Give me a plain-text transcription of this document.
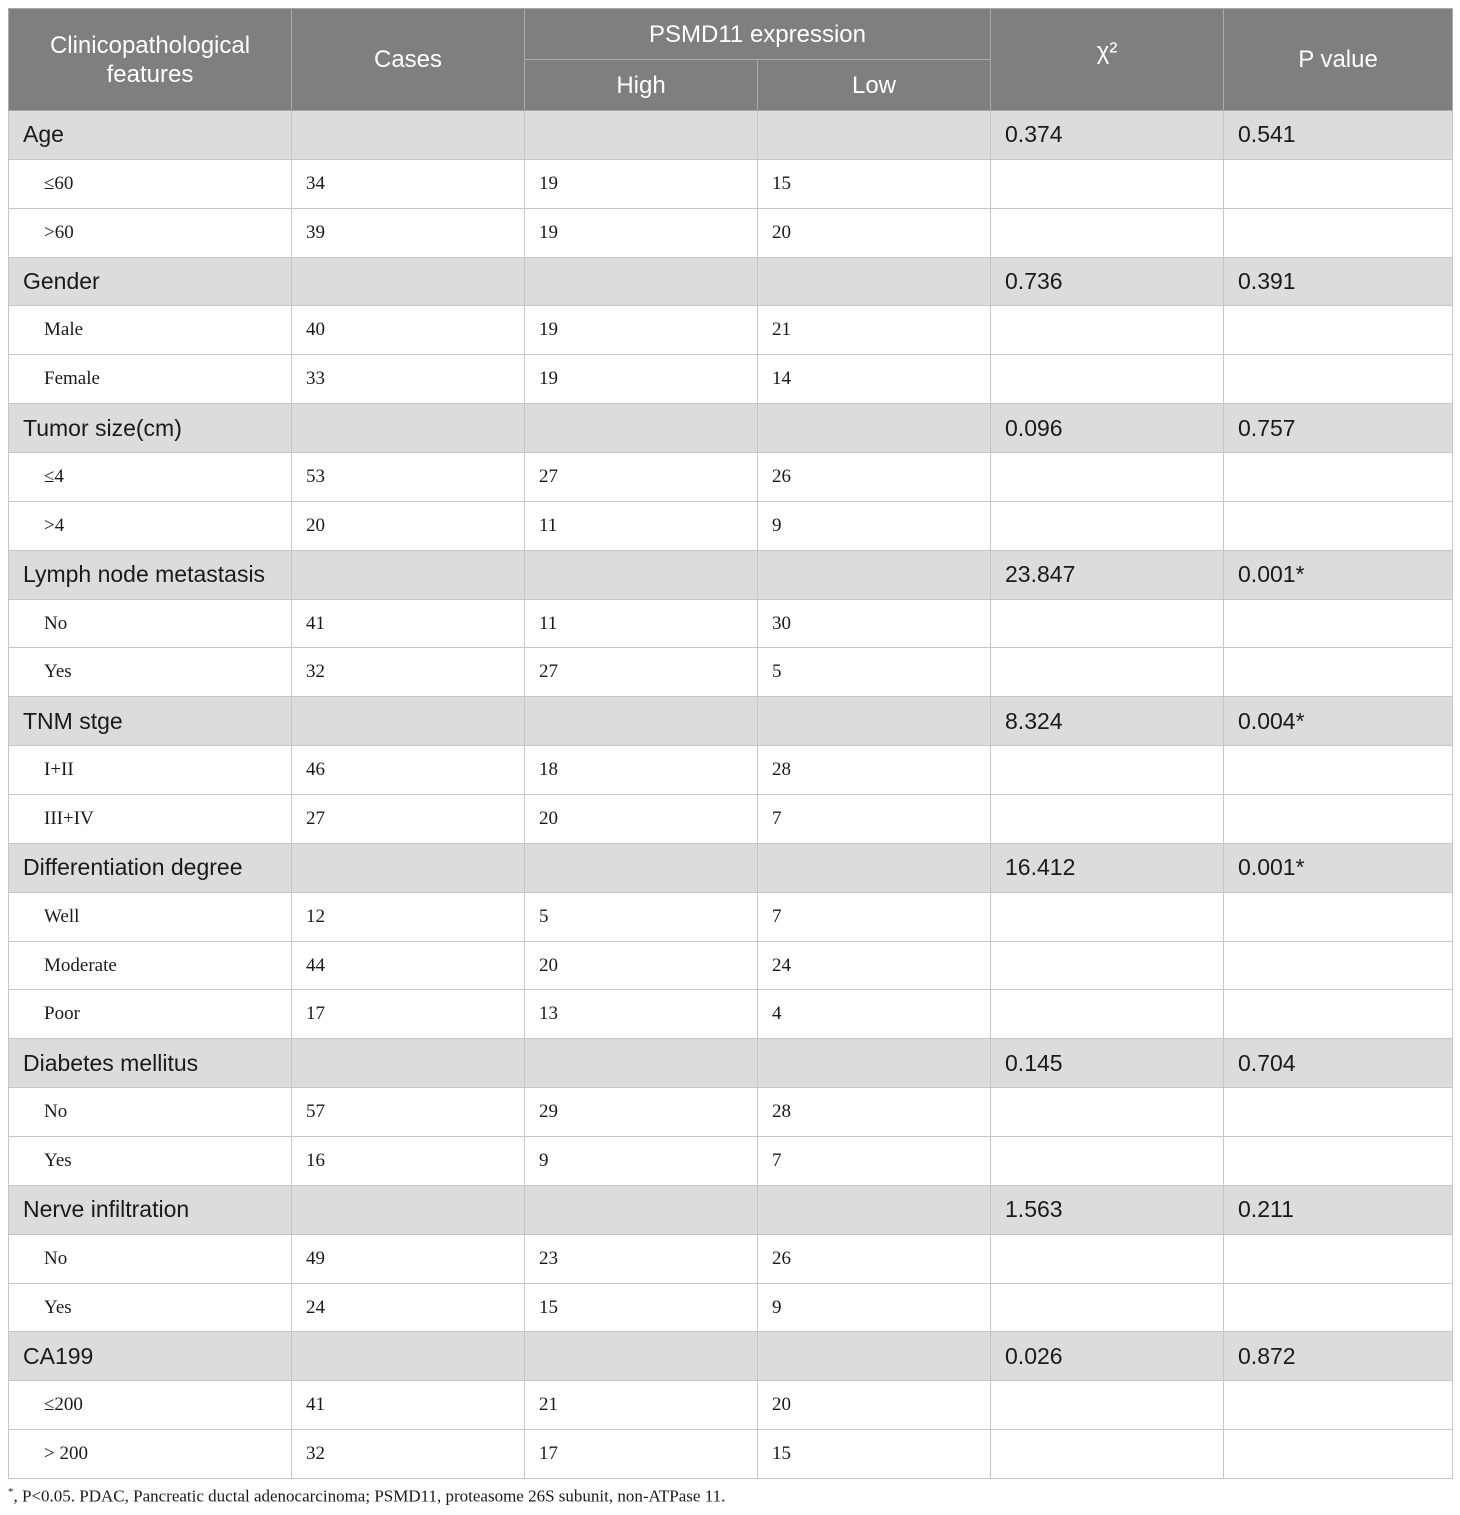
Clinicopathological features	Cases	PSMD11 expression		χ²	P value
		High	Low		
Age				0.374	0.541
≤60	34	19	15		
>60	39	19	20		
Gender				0.736	0.391
Male	40	19	21		
Female	33	19	14		
Tumor size(cm)				0.096	0.757
≤4	53	27	26		
>4	20	11	9		
Lymph node metastasis				23.847	0.001*
No	41	11	30		
Yes	32	27	5		
TNM stge				8.324	0.004*
I+II	46	18	28		
III+IV	27	20	7		
Differentiation degree				16.412	0.001*
Well	12	5	7		
Moderate	44	20	24		
Poor	17	13	4		
Diabetes mellitus				0.145	0.704
No	57	29	28		
Yes	16	9	7		
Nerve infiltration				1.563	0.211
No	49	23	26		
Yes	24	15	9		
CA199				0.026	0.872
≤200	41	21	20		
> 200	32	17	15		
*, P<0.05. PDAC, Pancreatic ductal adenocarcinoma; PSMD11, proteasome 26S subunit, non-ATPase 11.
